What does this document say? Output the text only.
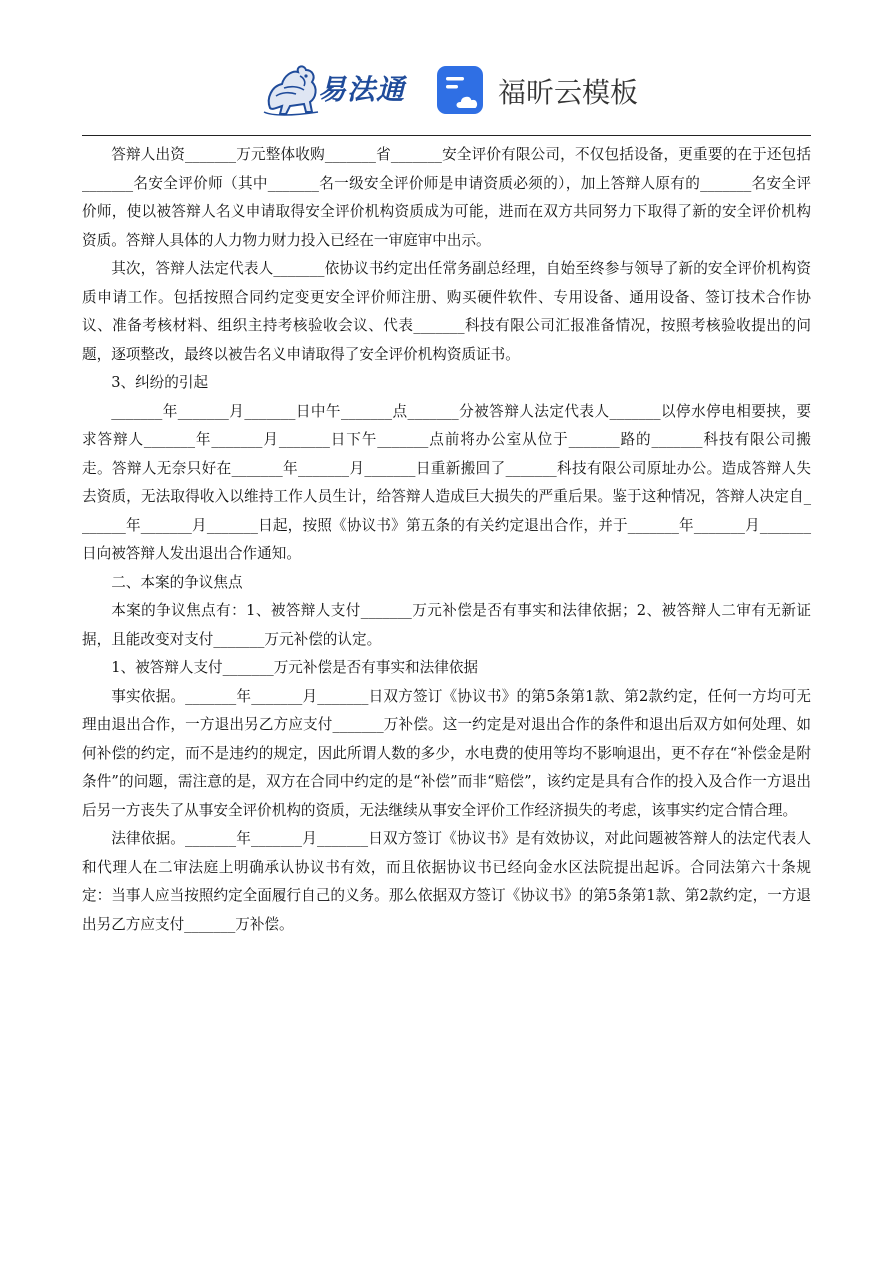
易法通	福昕云模板

答辩人出资_______万元整体收购_______省_______安全评价有限公司，不仅包括设备，更重要的在于还包括_______名安全评价师（其中_______名一级安全评价师是申请资质必须的），加上答辩人原有的_______名安全评价师，使以被答辩人名义申请取得安全评价机构资质成为可能，进而在双方共同努力下取得了新的安全评价机构资质。答辩人具体的人力物力财力投入已经在一审庭审中出示。

其次，答辩人法定代表人_______依协议书约定出任常务副总经理，自始至终参与领导了新的安全评价机构资质申请工作。包括按照合同约定变更安全评价师注册、购买硬件软件、专用设备、通用设备、签订技术合作协议、准备考核材料、组织主持考核验收会议、代表_______科技有限公司汇报准备情况，按照考核验收提出的问题，逐项整改，最终以被告名义申请取得了安全评价机构资质证书。

3、纠纷的引起

_______年_______月_______日中午_______点_______分被答辩人法定代表人_______以停水停电相要挟，要求答辩人_______年_______月_______日下午_______点前将办公室从位于_______路的_______科技有限公司搬走。答辩人无奈只好在_______年_______月_______日重新搬回了_______科技有限公司原址办公。造成答辩人失去资质，无法取得收入以维持工作人员生计，给答辩人造成巨大损失的严重后果。鉴于这种情况，答辩人决定自_______年_______月_______日起，按照《协议书》第五条的有关约定退出合作，并于_______年_______月_______日向被答辩人发出退出合作通知。

二、本案的争议焦点

本案的争议焦点有：1、被答辩人支付_______万元补偿是否有事实和法律依据；2、被答辩人二审有无新证据，且能改变对支付_______万元补偿的认定。

1、被答辩人支付_______万元补偿是否有事实和法律依据

事实依据。_______年_______月_______日双方签订《协议书》的第5条第1款、第2款约定，任何一方均可无理由退出合作，一方退出另乙方应支付_______万补偿。这一约定是对退出合作的条件和退出后双方如何处理、如何补偿的约定，而不是违约的规定，因此所谓人数的多少，水电费的使用等均不影响退出，更不存在“补偿金是附条件”的问题，需注意的是，双方在合同中约定的是“补偿”而非“赔偿”，该约定是具有合作的投入及合作一方退出后另一方丧失了从事安全评价机构的资质，无法继续从事安全评价工作经济损失的考虑，该事实约定合情合理。

法律依据。_______年_______月_______日双方签订《协议书》是有效协议，对此问题被答辩人的法定代表人和代理人在二审法庭上明确承认协议书有效，而且依据协议书已经向金水区法院提出起诉。合同法第六十条规定：当事人应当按照约定全面履行自己的义务。那么依据双方签订《协议书》的第5条第1款、第2款约定，一方退出另乙方应支付_______万补偿。
